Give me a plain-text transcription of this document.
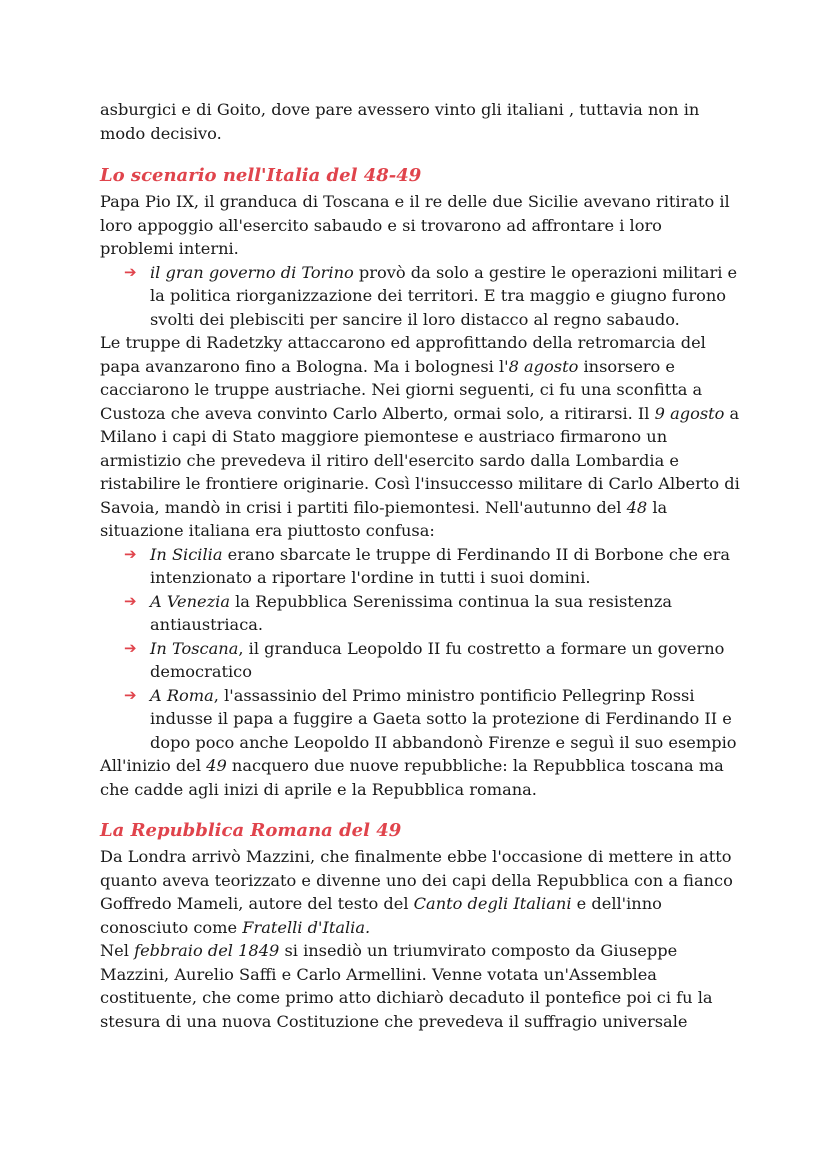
asburgici e di Goito, dove pare avessero vinto gli italiani , tuttavia non in modo decisivo.

Lo scenario nell'Italia del 48-49

Papa Pio IX, il granduca di Toscana e il re delle due Sicilie avevano ritirato il loro appoggio all'esercito sabaudo e si trovarono ad affrontare i loro problemi interni.

➔ il gran governo di Torino provò da solo a gestire le operazioni militari e la politica riorganizzazione dei territori. E tra maggio e giugno furono svolti dei plebisciti per sancire il loro distacco al regno sabaudo.

Le truppe di Radetzky attaccarono ed approfittando della retromarcia del papa avanzarono fino a Bologna. Ma i bolognesi l'8 agosto insorsero e cacciarono le truppe austriache. Nei giorni seguenti, ci fu una sconfitta a Custoza che aveva convinto Carlo Alberto, ormai solo, a ritirarsi. Il 9 agosto a Milano i capi di Stato maggiore piemontese e austriaco firmarono un armistizio che prevedeva il ritiro dell'esercito sardo dalla Lombardia e ristabilire le frontiere originarie. Così l'insuccesso militare di Carlo Alberto di Savoia, mandò in crisi i partiti filo-piemontesi. Nell'autunno del 48 la situazione italiana era piuttosto confusa:

➔ In Sicilia erano sbarcate le truppe di Ferdinando II di Borbone che era intenzionato a riportare l'ordine in tutti i suoi domini.
➔ A Venezia la Repubblica Serenissima continua la sua resistenza antiaustriaca.
➔ In Toscana, il granduca Leopoldo II fu costretto a formare un governo democratico
➔ A Roma, l'assassinio del Primo ministro pontificio Pellegrinp Rossi indusse il papa a fuggire a Gaeta sotto la protezione di Ferdinando II e dopo poco anche Leopoldo II abbandonò Firenze e seguì il suo esempio

All'inizio del 49 nacquero due nuove repubbliche: la Repubblica toscana ma che cadde agli inizi di aprile e la Repubblica romana.

La Repubblica Romana del 49

Da Londra arrivò Mazzini, che finalmente ebbe l'occasione di mettere in atto quanto aveva teorizzato e divenne uno dei capi della Repubblica con a fianco Goffredo Mameli, autore del testo del Canto degli Italiani e dell'inno conosciuto come Fratelli d'Italia.

Nel febbraio del 1849 si insediò un triumvirato composto da Giuseppe Mazzini, Aurelio Saffi e Carlo Armellini. Venne votata un'Assemblea costituente, che come primo atto dichiarò decaduto il pontefice poi ci fu la stesura di una nuova Costituzione che prevedeva il suffragio universale
